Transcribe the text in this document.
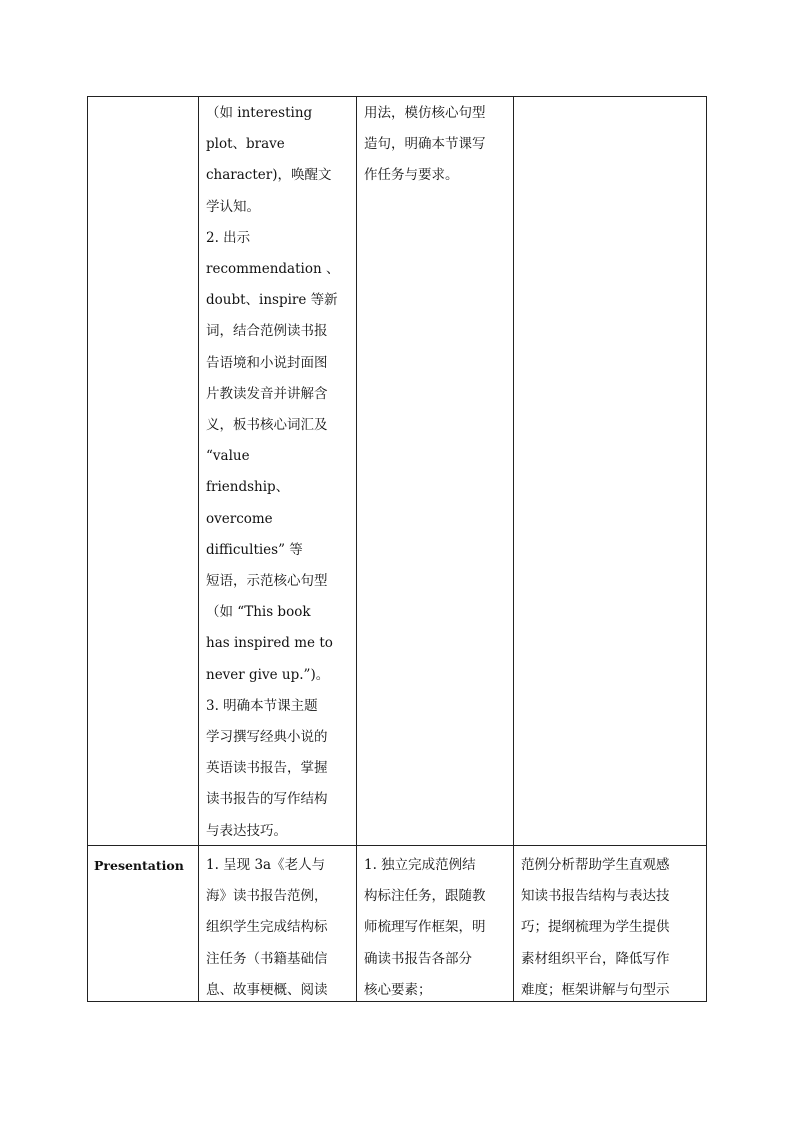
（如 interesting

plot、brave

character)，唤醒文

学认知。

2. 出示

recommendation 、

doubt、inspire 等新

词，结合范例读书报

告语境和小说封面图

片教读发音并讲解含

义，板书核心词汇及

“value

friendship、

overcome

difficulties” 等

短语，示范核心句型

（如 “This book

has inspired me to

never give up.”)。

3. 明确本节课主题

学习撰写经典小说的

英语读书报告，掌握

读书报告的写作结构

与表达技巧。

用法，模仿核心句型

造句，明确本节课写

作任务与要求。

Presentation 1. 呈现 3a《老人与

海》读书报告范例，

组织学生完成结构标

注任务（书籍基础信

息、故事梗概、阅读

1. 独立完成范例结

构标注任务，跟随教

师梳理写作框架，明

确读书报告各部分

核心要素；

范例分析帮助学生直观感

知读书报告结构与表达技

巧；提纲梳理为学生提供

素材组织平台，降低写作

难度；框架讲解与句型示
